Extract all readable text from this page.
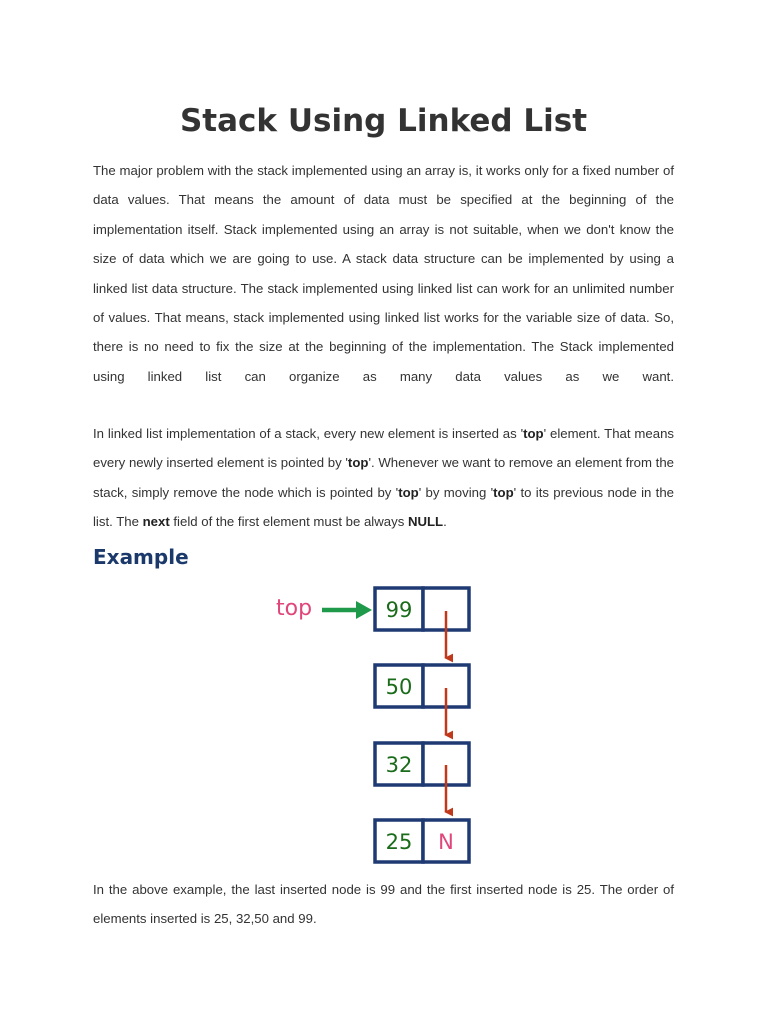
Stack Using Linked List

The major problem with the stack implemented using an array is, it works only for a fixed number of data values. That means the amount of data must be specified at the beginning of the implementation itself. Stack implemented using an array is not suitable, when we don't know the size of data which we are going to use. A stack data structure can be implemented by using a linked list data structure. The stack implemented using linked list can work for an unlimited number of values. That means, stack implemented using linked list works for the variable size of data. So, there is no need to fix the size at the beginning of the implementation. The Stack implemented using linked list can organize as many data values as we want.

In linked list implementation of a stack, every new element is inserted as 'top' element. That means every newly inserted element is pointed by 'top'. Whenever we want to remove an element from the stack, simply remove the node which is pointed by 'top' by moving 'top' to its previous node in the list. The next field of the first element must be always NULL.

Example

In the above example, the last inserted node is 99 and the first inserted node is 25. The order of elements inserted is 25, 32,50 and 99.

top	99
50
32
25 N
